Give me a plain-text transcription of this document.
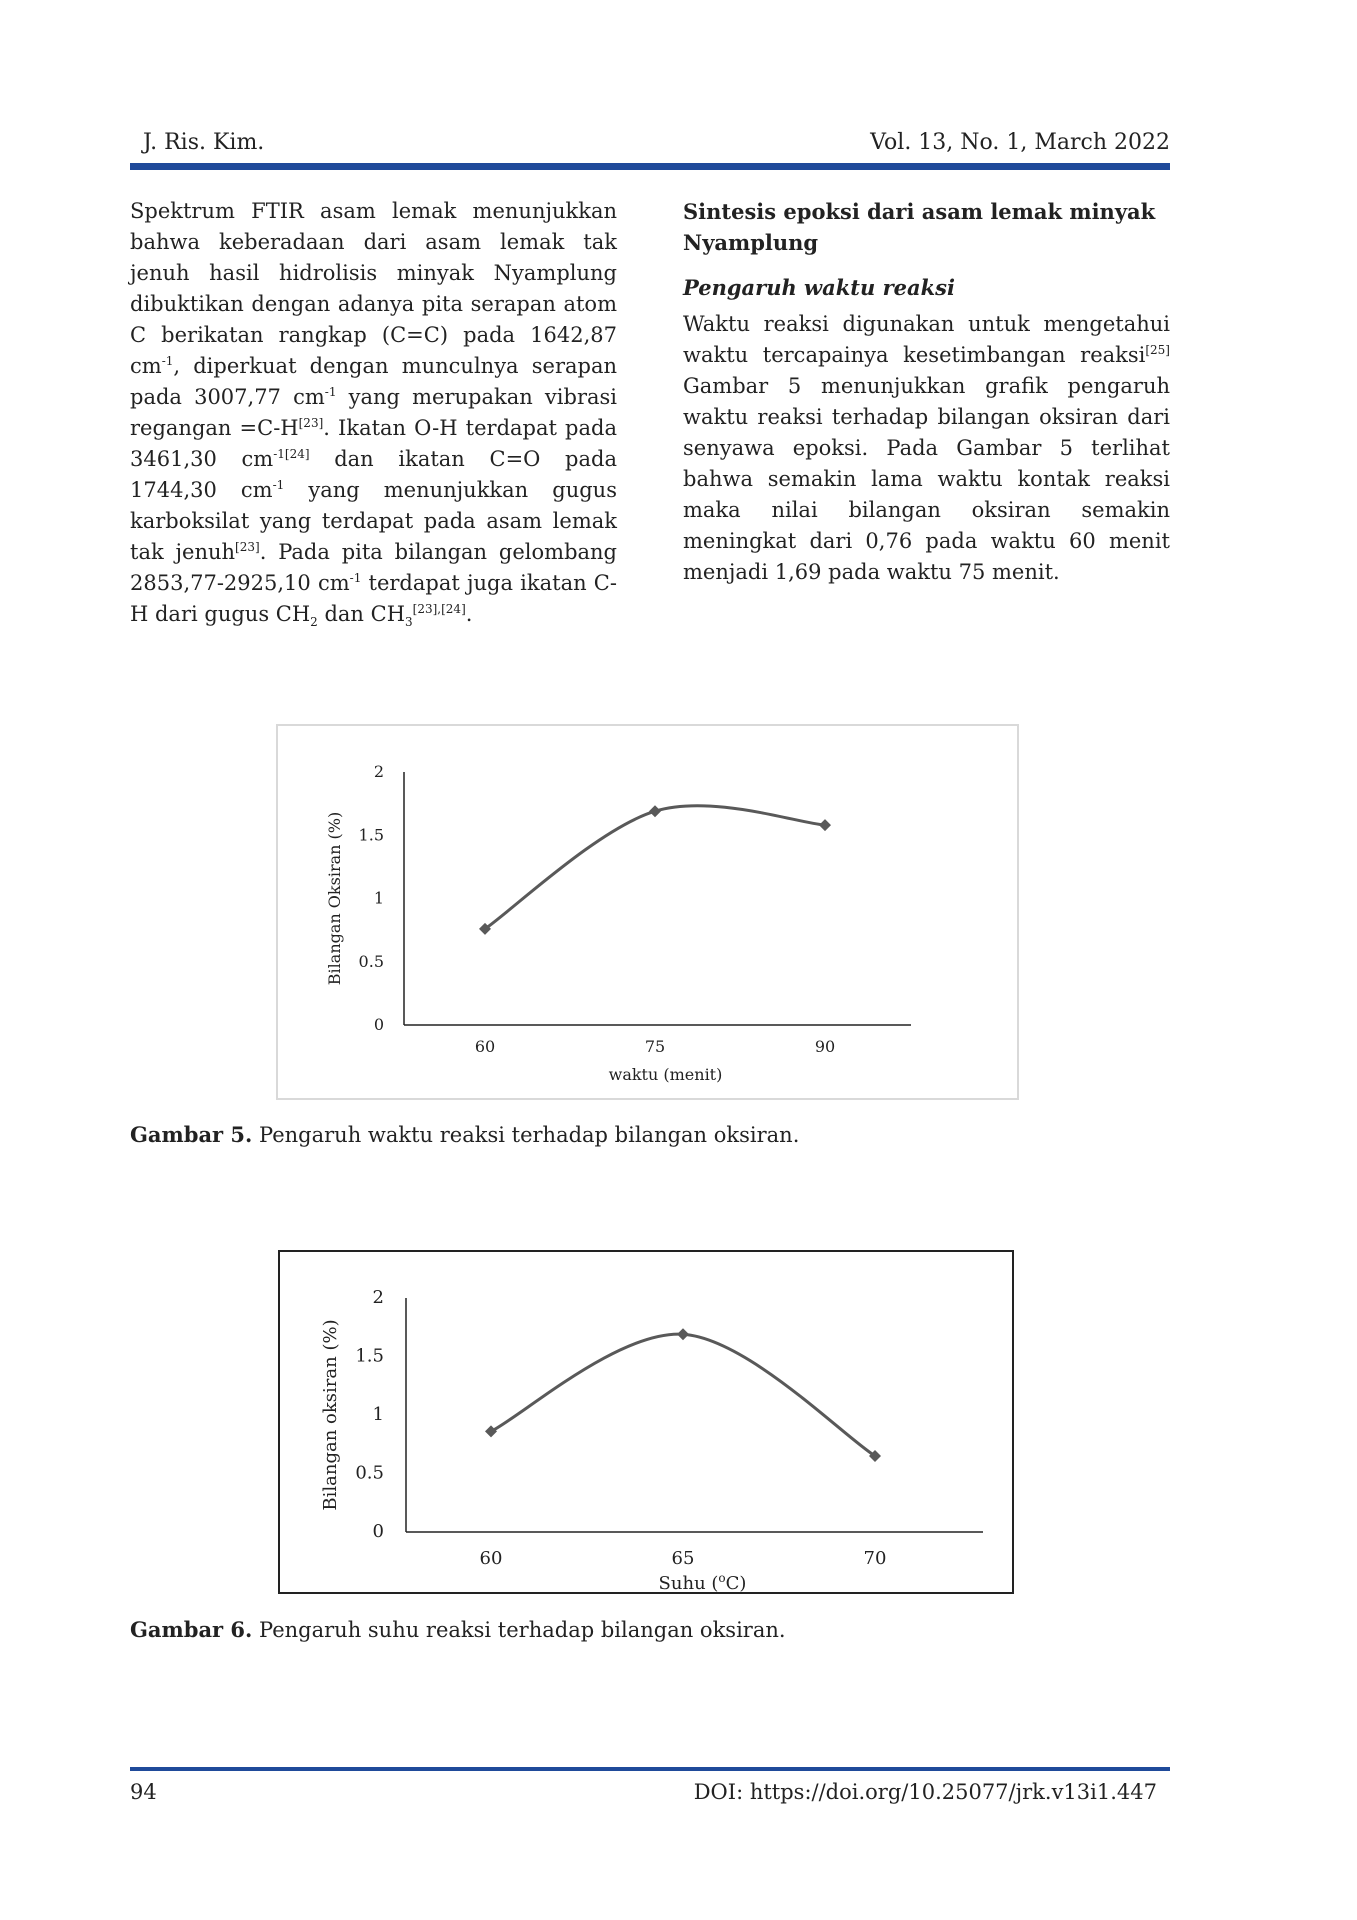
J. Ris. Kim.	Vol. 13, No. 1, March 2022

Spektrum FTIR asam lemak menunjukkan bahwa keberadaan dari asam lemak tak jenuh hasil hidrolisis minyak Nyamplung dibuktikan dengan adanya pita serapan atom C berikatan rangkap (C=C) pada 1642,87 $cm^{-1}$, diperkuat dengan munculnya serapan pada 3007,77 $cm^{-1}$ yang merupakan vibrasi regangan =C-H[23]. Ikatan O-H terdapat pada 3461,30 $cm^{-1[24]}$ dan ikatan C=O pada 1744,30 $cm^{-1}$ yang menunjukkan gugus karboksilat yang terdapat pada asam lemak tak jenuh[23]. Pada pita bilangan gelombang 2853,77-2925,10 $cm^{-1}$ terdapat juga ikatan C-H dari gugus $CH_2$ dan $CH_3[23],[24]$.

Sintesis epoksi dari asam lemak minyak Nyamplung
Pengaruh waktu reaksi

Waktu reaksi digunakan untuk mengetahui waktu tercapainya kesetimbangan reaksi[25] Gambar 5 menunjukkan grafik pengaruh waktu reaksi terhadap bilangan oksiran dari senyawa epoksi. Pada Gambar 5 terlihat bahwa semakin lama waktu kontak reaksi maka nilai bilangan oksiran semakin meningkat dari 0,76 pada waktu 60 menit menjadi 1,69 pada waktu 75 menit.

0
0.5
1
1.5
2
60	75	90
waktu (menit)
Bilangan Oksiran (%)
Gambar 5. Pengaruh waktu reaksi terhadap bilangan oksiran.
0
0.5
1
1.5
2
60	65	70
Suhu ($^o$C)
Bilangan oksiran (%)
Gambar 6. Pengaruh suhu reaksi terhadap bilangan oksiran.
94	DOI: https://doi.org/10.25077/jrk.v13i1.447
